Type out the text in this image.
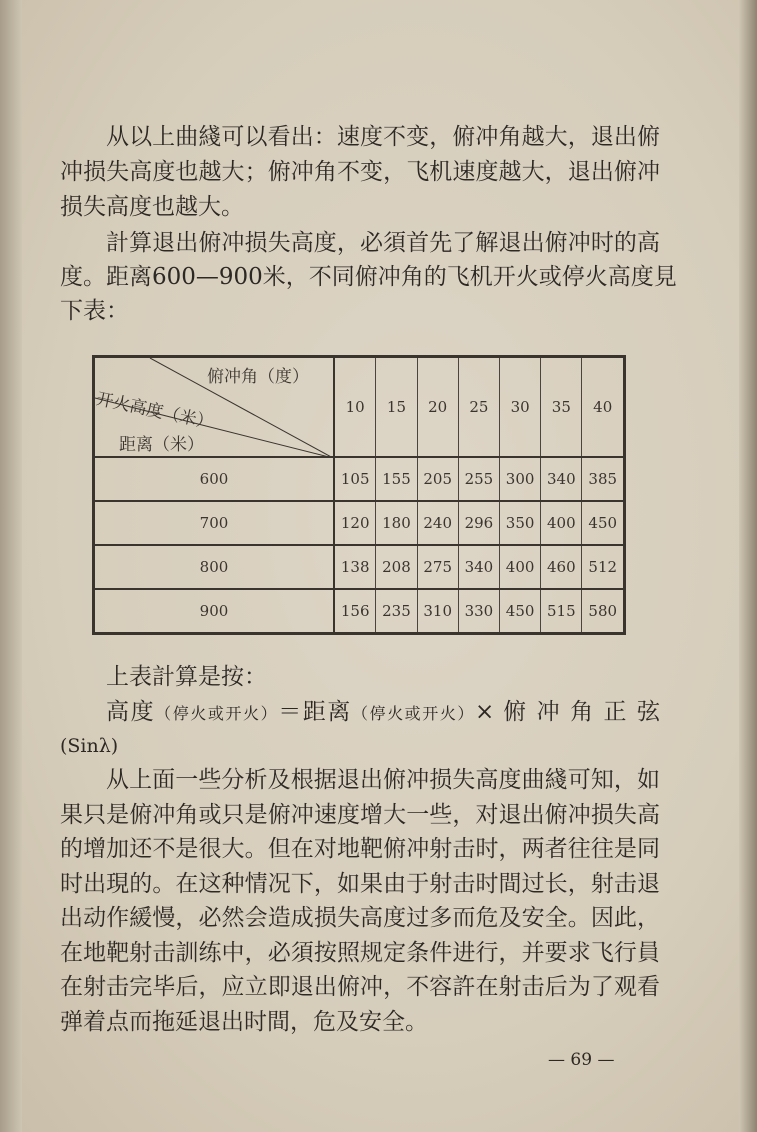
从以上曲綫可以看出：速度不变，俯冲角越大，退出俯
冲损失高度也越大；俯冲角不变，飞机速度越大，退出俯冲
损失高度也越大。
計算退出俯冲损失高度，必須首先了解退出俯冲时的高
度。距离600—900米，不同俯冲角的飞机开火或停火高度見
下表：
俯冲角（度）
开火高度（米）
距离（米）	10	15	20	25	30	35	40
600	105	155	205	255	300	340	385
700	120	180	240	296	350	400	450
800	138	208	275	340	400	460	512
900	156	235	310	330	450	515	580
上表計算是按：
高度（停火或开火）＝距离（停火或开火）× 俯 冲 角 正 弦
(Sinλ)
从上面一些分析及根据退出俯冲损失高度曲綫可知，如
果只是俯冲角或只是俯冲速度增大一些，对退出俯冲损失高
的增加还不是很大。但在对地靶俯冲射击时，两者往往是同
时出現的。在这种情况下，如果由于射击时間过长，射击退
出动作緩慢，必然会造成损失高度过多而危及安全。因此，
在地靶射击訓练中，必須按照规定条件进行，并要求飞行員
在射击完毕后，应立即退出俯冲，不容許在射击后为了观看
弹着点而拖延退出时間，危及安全。
— 69 —
